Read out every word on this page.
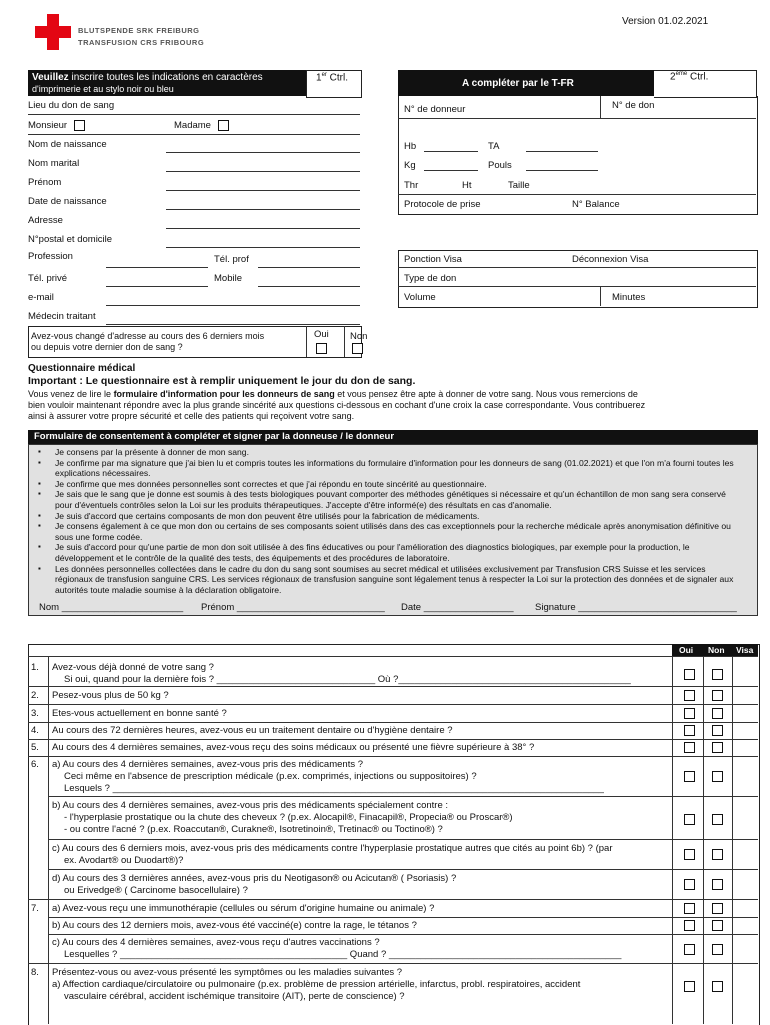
BLUTSPENDE SRK FREIBURG
TRANSFUSION CRS FRIBOURG
Version 01.02.2021
Veuillez inscrire toutes les indications en caractères
d'imprimerie et au stylo noir ou bleu
1er Ctrl.
Lieu du don de sang
Monsieur	Madame
Nom de naissance
Nom marital
Prénom
Date de naissance
Adresse
N°postal et domicile
Profession	Tél. prof
Tél. privé	Mobile
e-mail
Médecin traitant
Avez-vous changé d'adresse au cours des 6 derniers mois
ou depuis votre dernier don de sang ?
Oui Non
A compléter par le T-FR
2ème Ctrl.
N° de donneur	N° de don
Hb	TA
Kg	Pouls
Thr	Ht	Taille
Protocole de prise	N° Balance
Ponction Visa	Déconnexion Visa
Type de don
Volume	Minutes
Questionnaire médical
Important : Le questionnaire est à remplir uniquement le jour du don de sang.
Vous venez de lire le formulaire d'information pour les donneurs de sang et vous pensez être apte à donner de votre sang. Nous vous remercions de
bien vouloir maintenant répondre avec la plus grande sincérité aux questions ci-dessous en cochant d'une croix la case correspondante. Vous contribuerez
ainsi à assurer votre propre sécurité et celle des patients qui reçoivent votre sang.
Formulaire de consentement à compléter et signer par la donneuse / le donneur
▪ Je consens par la présente à donner de mon sang.
▪ Je confirme par ma signature que j'ai bien lu et compris toutes les informations du formulaire d'information pour les donneurs de sang (01.02.2021) et que l'on m'a fourni toutes les explications nécessaires.
▪ Je confirme que mes données personnelles sont correctes et que j'ai répondu en toute sincérité au questionnaire.
▪ Je sais que le sang que je donne est soumis à des tests biologiques pouvant comporter des méthodes génétiques si nécessaire et qu'un échantillon de mon sang sera conservé pour d'éventuels contrôles selon la Loi sur les produits thérapeutiques. J'accepte d'être informé(e) des résultats en cas d'anomalie.
▪ Je suis d'accord que certains composants de mon don peuvent être utilisés pour la fabrication de médicaments.
▪ Je consens également à ce que mon don ou certains de ses composants soient utilisés dans des cas exceptionnels pour la recherche médicale après anonymisation définitive ou sous une forme codée.
▪ Je suis d'accord pour qu'une partie de mon don soit utilisée à des fins éducatives ou pour l'amélioration des diagnostics biologiques, par exemple pour la production, le développement et le contrôle de la qualité des tests, des équipements et des procédures de laboratoire.
▪ Les données personnelles collectées dans le cadre du don du sang sont soumises au secret médical et utilisées exclusivement par Transfusion CRS Suisse et les services régionaux de transfusion sanguine CRS. Les services régionaux de transfusion sanguine sont légalement tenus à respecter la Loi sur la protection des données et de signaler aux autorités toute maladie soumise à la déclaration obligatoire.
Nom _______________________ Prénom ____________________________ Date _________________ Signature ______________________________
Oui Non Visa
1. Avez-vous déjà donné de votre sang ?
Si oui, quand pour la dernière fois ? ______________________________ Où ?____________________________________________
2. Pesez-vous plus de 50 kg ?
3. Etes-vous actuellement en bonne santé ?
4. Au cours des 72 dernières heures, avez-vous eu un traitement dentaire ou d'hygiène dentaire ?
5. Au cours des 4 dernières semaines, avez-vous reçu des soins médicaux ou présenté une fièvre supérieure à 38° ?
6. a) Au cours des 4 dernières semaines, avez-vous pris des médicaments ?
Ceci même en l'absence de prescription médicale (p.ex. comprimés, injections ou suppositoires) ?
Lesquels ? _____________________________________________________________________________________________
b) Au cours des 4 dernières semaines, avez-vous pris des médicaments spécialement contre :
- l'hyperplasie prostatique ou la chute des cheveux ? (p.ex. Alocapil®, Finacapil®, Propecia® ou Proscar®)
- ou contre l'acné ? (p.ex. Roaccutan®, Curakne®, Isotretinoin®, Tretinac® ou Toctino®) ?
c) Au cours des 6 derniers mois, avez-vous pris des médicaments contre l'hyperplasie prostatique autres que cités au point 6b) ? (par
ex. Avodart® ou Duodart®)?
d) Au cours des 3 dernières années, avez-vous pris du Neotigason® ou Acicutan® ( Psoriasis) ?
ou Erivedge® ( Carcinome basocellulaire) ?
7. a) Avez-vous reçu une immunothérapie (cellules ou sérum d'origine humaine ou animale) ?
b) Au cours des 12 derniers mois, avez-vous été vacciné(e) contre la rage, le tétanos ?
c) Au cours des 4 dernières semaines, avez-vous reçu d'autres vaccinations ?
Lesquelles ? ___________________________________________ Quand ? ____________________________________________
8. Présentez-vous ou avez-vous présenté les symptômes ou les maladies suivantes ?
a) Affection cardiaque/circulatoire ou pulmonaire (p.ex. problème de pression artérielle, infarctus, probl. respiratoires, accident
vasculaire cérébral, accident ischémique transitoire (AIT), perte de conscience) ?
